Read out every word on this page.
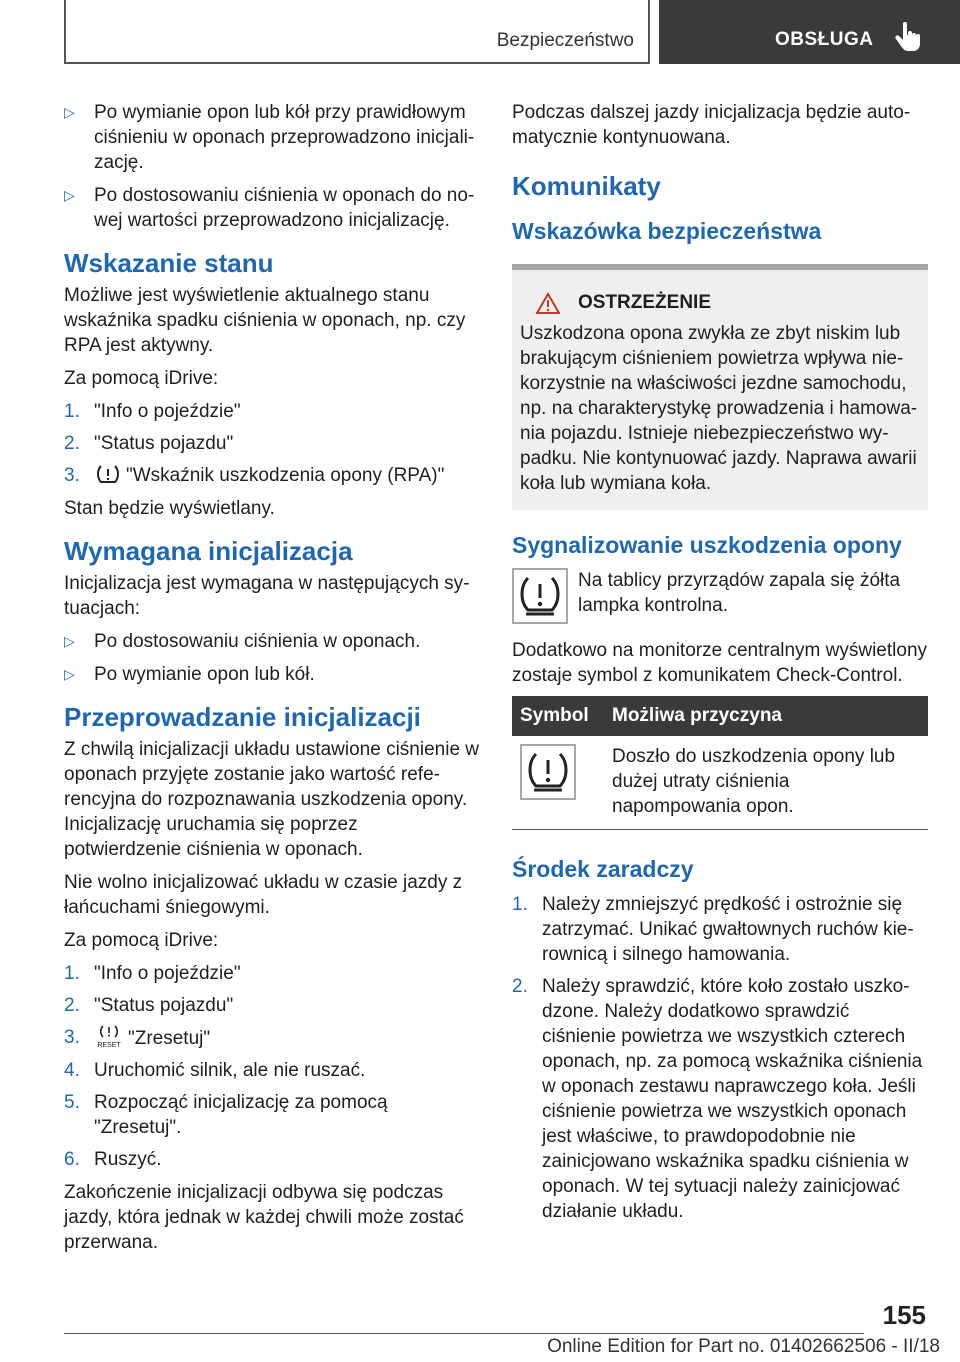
Bezpieczeństwo	OBSŁUGA
▷ Po wymianie opon lub kół przy prawidłowym ciśnieniu w oponach przeprowadzono inicjalizację.
▷ Po dostosowaniu ciśnienia w oponach do nowej wartości przeprowadzono inicjalizację.
Wskazanie stanu

Możliwe jest wyświetlenie aktualnego stanu wskaźnika spadku ciśnienia w oponach, np. czy RPA jest aktywny.

Za pomocą iDrive:

1. "Info o pojeździe"
2. "Status pojazdu"
3. "Wskaźnik uszkodzenia opony (RPA)"

Stan będzie wyświetlany.

Wymagana inicjalizacja

Inicjalizacja jest wymagana w następujących sytuacjach:

▷ Po dostosowaniu ciśnienia w oponach.
▷ Po wymianie opon lub kół.
Przeprowadzanie inicjalizacji

Z chwilą inicjalizacji układu ustawione ciśnienie w oponach przyjęte zostanie jako wartość referencyjna do rozpoznawania uszkodzenia opony. Inicjalizację uruchamia się poprzez potwierdzenie ciśnienia w oponach.

Nie wolno inicjalizować układu w czasie jazdy z łańcuchami śniegowymi.

Za pomocą iDrive:

1. "Info o pojeździe"
2. "Status pojazdu"
3. RESET "Zresetuj"
4. Uruchomić silnik, ale nie ruszać.
5. Rozpocząć inicjalizację za pomocą "Zresetuj".
6. Ruszyć.

Zakończenie inicjalizacji odbywa się podczas jazdy, która jednak w każdej chwili może zostać przerwana.

Podczas dalszej jazdy inicjalizacja będzie automatycznie kontynuowana.

Komunikaty
Wskazówka bezpieczeństwa
OSTRZEŻENIE

Uszkodzona opona zwykła ze zbyt niskim lub brakującym ciśnieniem powietrza wpływa niekorzystnie na właściwości jezdne samochodu, np. na charakterystykę prowadzenia i hamowania pojazdu. Istnieje niebezpieczeństwo wypadku. Nie kontynuować jazdy. Naprawa awarii koła lub wymiana koła.

Sygnalizowanie uszkodzenia opony

Na tablicy przyrządów zapala się żółta lampka kontrolna.

Dodatkowo na monitorze centralnym wyświetlony zostaje symbol z komunikatem Check-Control.

Symbol	Możliwa przyczyna
	Doszło do uszkodzenia opony lub dużej utraty ciśnienia napompowania opon.
Środek zaradczy
1. Należy zmniejszyć prędkość i ostrożnie się zatrzymać. Unikać gwałtownych ruchów kierownicą i silnego hamowania.
2. Należy sprawdzić, które koło zostało uszkodzone. Należy dodatkowo sprawdzić ciśnienie powietrza we wszystkich czterech oponach, np. za pomocą wskaźnika ciśnienia w oponach zestawu naprawczego koła. Jeśli ciśnienie powietrza we wszystkich oponach jest właściwe, to prawdopodobnie nie zainicjowano wskaźnika spadku ciśnienia w oponach. W tej sytuacji należy zainicjować działanie układu.
155
Online Edition for Part no. 01402662506 - II/18
